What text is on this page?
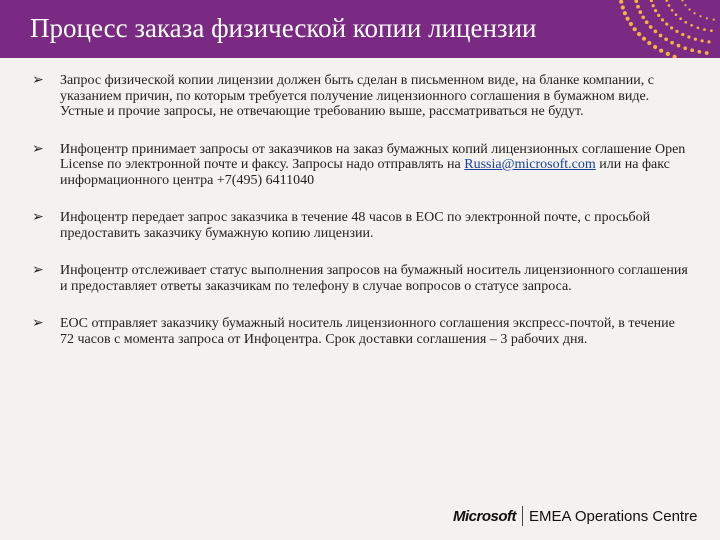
Процесс заказа физической копии лицензии
➢ Запрос физической копии лицензии должен быть сделан в письменном виде, на бланке компании, с указанием причин, по которым требуется получение лицензионного соглашения в бумажном виде. Устные и прочие запросы, не отвечающие требованию выше, рассматриваться не будут.
➢ Инфоцентр принимает запросы от заказчиков на заказ бумажных копий лицензионных соглашение Open License по электронной почте и факсу. Запросы надо отправлять на Russia@microsoft.com или на факс информационного центра +7(495) 6411040
➢ Инфоцентр передает запрос заказчика в течение 48 часов в EOC по электронной почте, с просьбой предоставить заказчику бумажную копию лицензии.
➢ Инфоцентр отслеживает статус выполнения запросов на бумажный носитель лицензионного соглашения и предоставляет ответы заказчикам по телефону в случае вопросов о статусе запроса.
➢ EOC отправляет заказчику бумажный носитель лицензионного соглашения экспресс-почтой, в течение 72 часов с момента запроса от Инфоцентра. Срок доставки соглашения – 3 рабочих дня.
Microsoft EMEA Operations Centre
